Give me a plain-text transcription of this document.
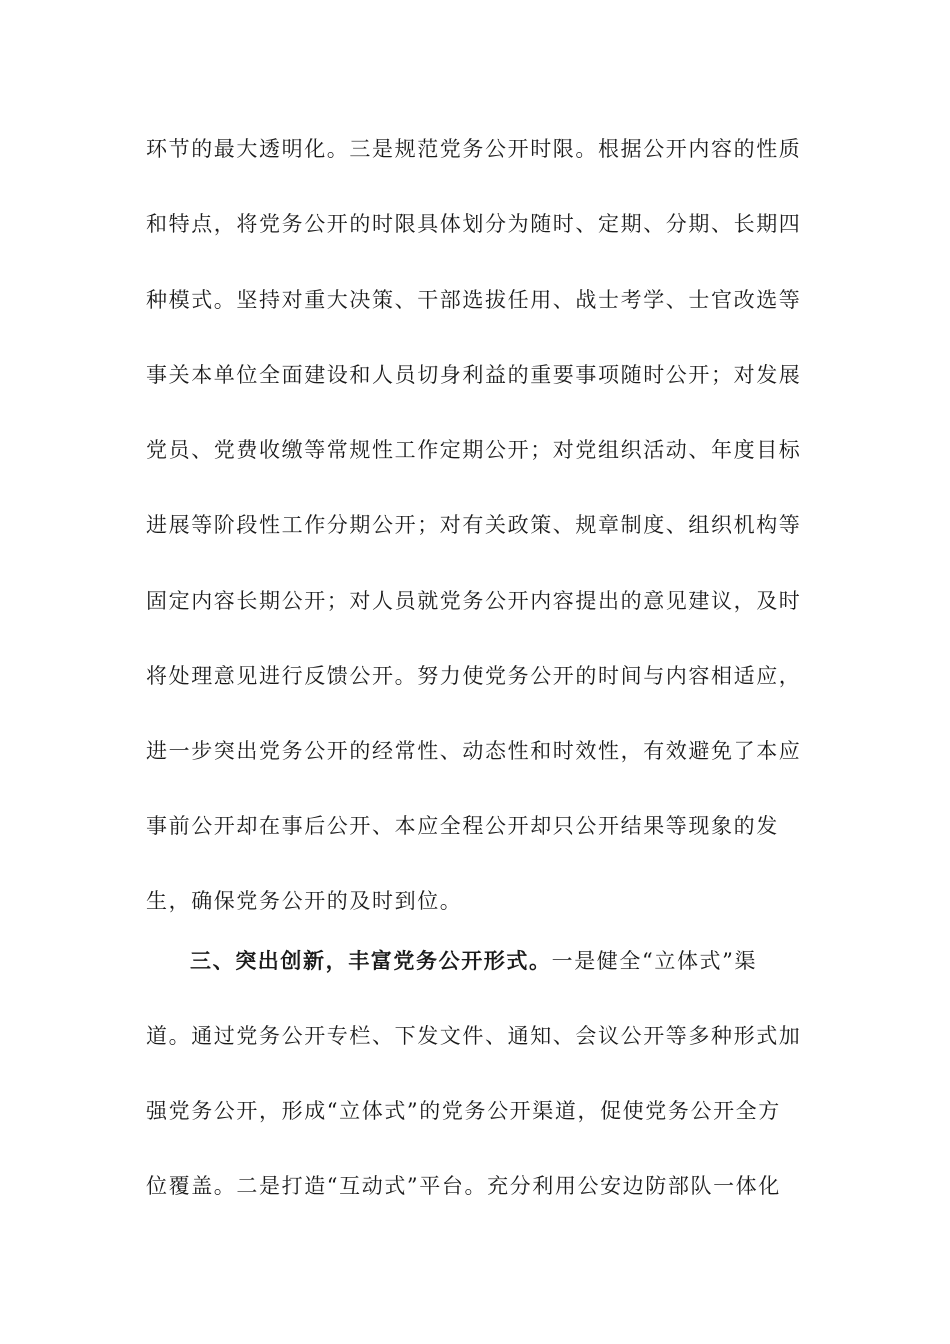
环节的最大透明化。三是规范党务公开时限。根据公开内容的性质
和特点，将党务公开的时限具体划分为随时、定期、分期、长期四
种模式。坚持对重大决策、干部选拔任用、战士考学、士官改选等
事关本单位全面建设和人员切身利益的重要事项随时公开；对发展
党员、党费收缴等常规性工作定期公开；对党组织活动、年度目标
进展等阶段性工作分期公开；对有关政策、规章制度、组织机构等
固定内容长期公开；对人员就党务公开内容提出的意见建议，及时
将处理意见进行反馈公开。努力使党务公开的时间与内容相适应，
进一步突出党务公开的经常性、动态性和时效性，有效避免了本应
事前公开却在事后公开、本应全程公开却只公开结果等现象的发
生，确保党务公开的及时到位。
三、突出创新，丰富党务公开形式。一是健全“立体式”渠
道。通过党务公开专栏、下发文件、通知、会议公开等多种形式加
强党务公开，形成“立体式”的党务公开渠道，促使党务公开全方
位覆盖。二是打造“互动式”平台。充分利用公安边防部队一体化
